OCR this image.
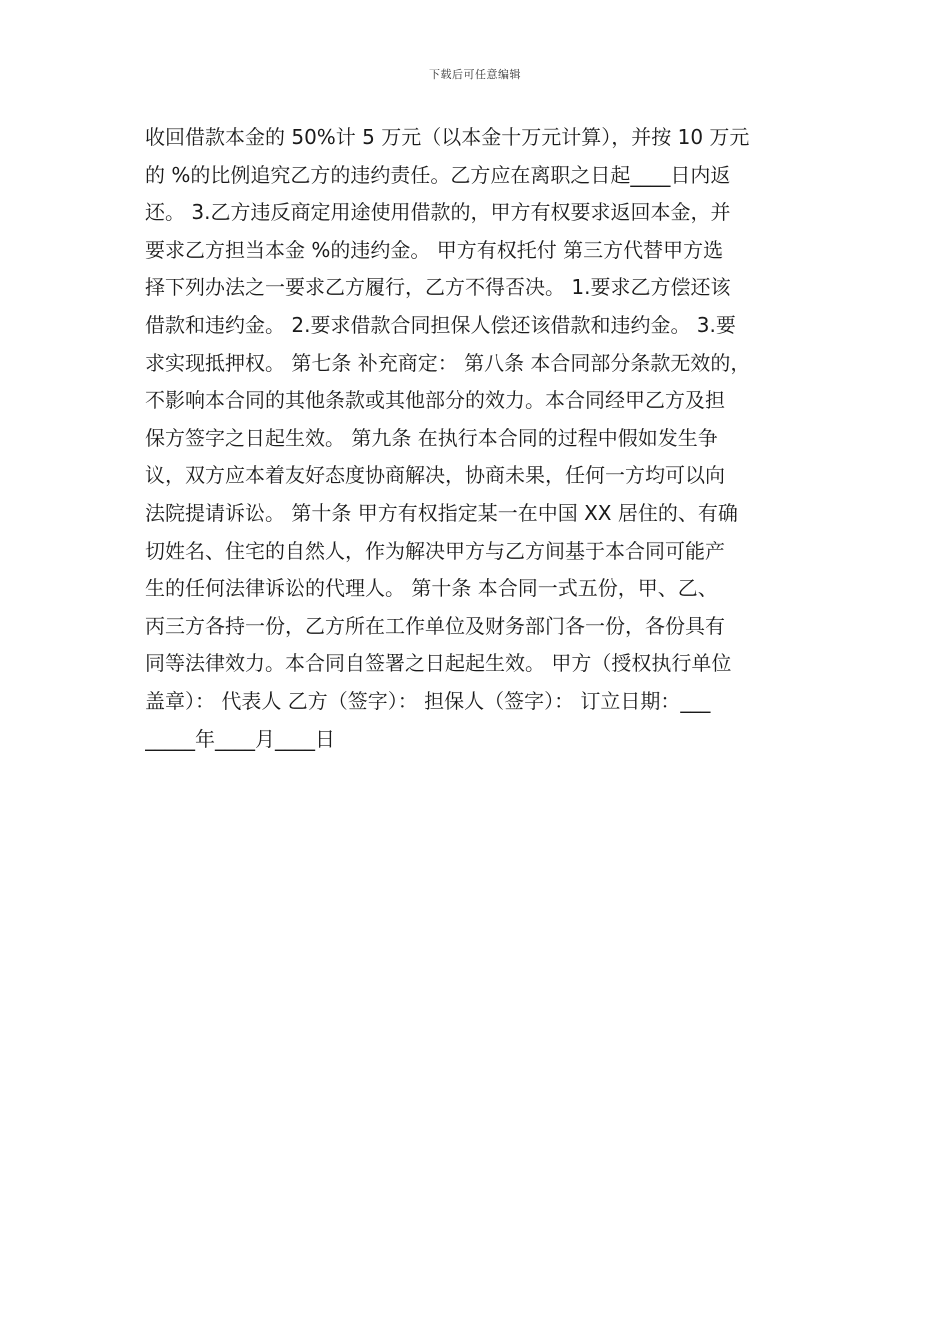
下载后可任意编辑
收回借款本金的 50%计 5 万元（以本金十万元计算），并按 10 万元
的 %的比例追究乙方的违约责任。乙方应在离职之日起____日内返
还。 3.乙方违反商定用途使用借款的，甲方有权要求返回本金，并
要求乙方担当本金 %的违约金。 甲方有权托付 第三方代替甲方选
择下列办法之一要求乙方履行，乙方不得否决。 1.要求乙方偿还该
借款和违约金。 2.要求借款合同担保人偿还该借款和违约金。 3.要
求实现抵押权。 第七条 补充商定： 第八条 本合同部分条款无效的，
不影响本合同的其他条款或其他部分的效力。本合同经甲乙方及担
保方签字之日起生效。 第九条 在执行本合同的过程中假如发生争
议，双方应本着友好态度协商解决，协商未果，任何一方均可以向
法院提请诉讼。 第十条 甲方有权指定某一在中国 XX 居住的、有确
切姓名、住宅的自然人，作为解决甲方与乙方间基于本合同可能产
生的任何法律诉讼的代理人。 第十条 本合同一式五份，甲、乙、
丙三方各持一份，乙方所在工作单位及财务部门各一份，各份具有
同等法律效力。本合同自签署之日起起生效。 甲方（授权执行单位
盖章）： 代表人 乙方（签字）： 担保人（签字）： 订立日期：___
_____年____月____日
